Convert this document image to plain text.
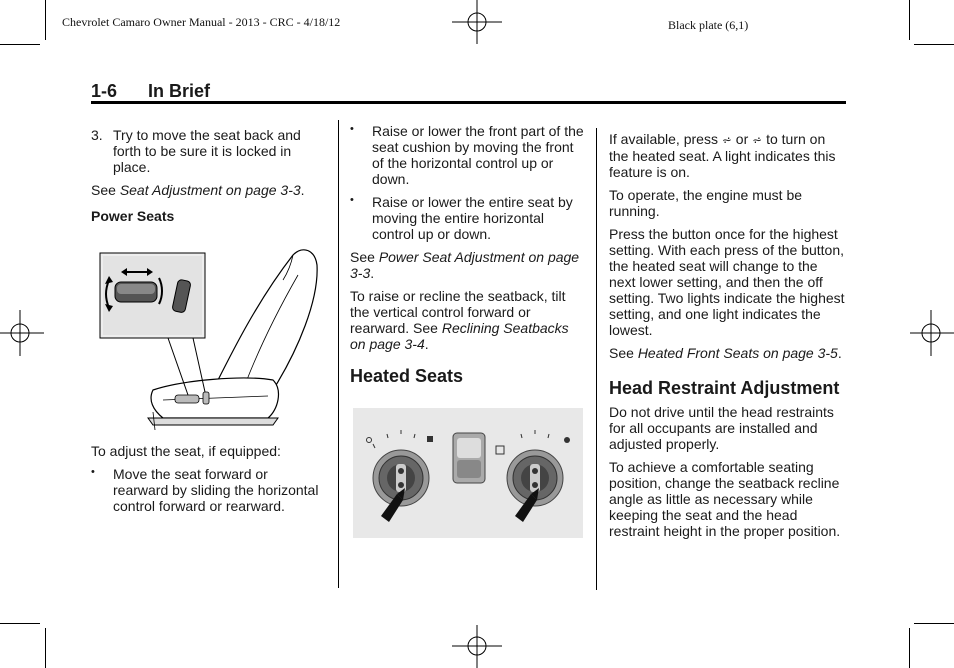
Chevrolet Camaro Owner Manual - 2013 - CRC - 4/18/12	Black plate (6,1)
1-6 In Brief
3. Try to move the seat back and forth to be sure it is locked in place.

See Seat Adjustment on page 3-3.

Power Seats

To adjust the seat, if equipped:

• Move the seat forward or rearward by sliding the horizontal control forward or rearward.
• Raise or lower the front part of the seat cushion by moving the front of the horizontal control up or down.
• Raise or lower the entire seat by moving the entire horizontal control up or down.

See Power Seat Adjustment on page 3-3.

To raise or recline the seatback, tilt the vertical control forward or rearward. See Reclining Seatbacks on page 3-4.

Heated Seats

If available, press ⩫ or ⩫ to turn on the heated seat. A light indicates this feature is on.

To operate, the engine must be running.

Press the button once for the highest setting. With each press of the button, the heated seat will change to the next lower setting, and then the off setting. Two lights indicate the highest setting, and one light indicates the lowest.

See Heated Front Seats on page 3-5.

Head Restraint Adjustment

Do not drive until the head restraints for all occupants are installed and adjusted properly.

To achieve a comfortable seating position, change the seatback recline angle as little as necessary while keeping the seat and the head restraint height in the proper position.
